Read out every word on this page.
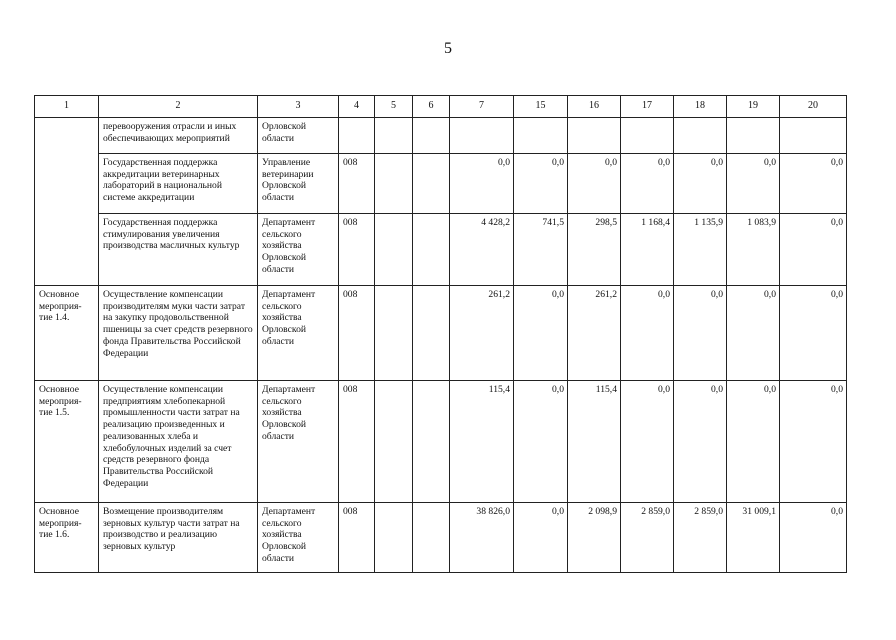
5
1	2	3	4	5	6	7	15	16	17	18	19	20
	перевооружения отрасли и иных обеспечивающих мероприятий	Орловской области										
	Государственная поддержка аккредитации ветеринарных лабораторий в национальной системе аккредитации	Управление ветеринарии Орловской области	008			0,0	0,0	0,0	0,0	0,0	0,0	0,0
	Государственная поддержка стимулирования увеличения производства масличных культур	Департамент сельского хозяйства Орловской области	008			4 428,2	741,5	298,5	1 168,4	1 135,9	1 083,9	0,0
Основное мероприя- тие 1.4.	Осуществление компенсации производителям муки части затрат на закупку продовольственной пшеницы за счет средств резервного фонда Правительства Российской Федерации	Департамент сельского хозяйства Орловской области	008			261,2	0,0	261,2	0,0	0,0	0,0	0,0
Основное мероприя- тие 1.5.	Осуществление компенсации предприятиям хлебопекарной промышленности части затрат на реализацию произведенных и реализованных хлеба и хлебобулочных изделий за счет средств резервного фонда Правительства Российской Федерации	Департамент сельского хозяйства Орловской области	008			115,4	0,0	115,4	0,0	0,0	0,0	0,0
Основное мероприя- тие 1.6.	Возмещение производителям зерновых культур части затрат на производство и реализацию зерновых культур	Департамент сельского хозяйства Орловской области	008			38 826,0	0,0	2 098,9	2 859,0	2 859,0	31 009,1	0,0
